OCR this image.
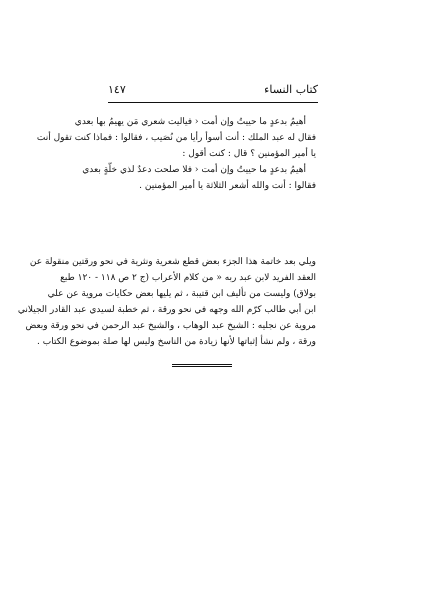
كتاب النساء
١٤٧
أهيمُ بدعدٍ ما حييتُ وإن أمت ‹ فياليت شعري مَن يهيمُ بها بعدي
فقال له عبد الملك : أنت أسوأ رأيا من نُصَيب ، فقالوا : فماذا كنت تقول أنت
يا أمير المؤمنين ؟ قال : كنت أقول :
أهيمُ بدعدٍ ما حييتُ وإن أمت ‹ فلا صلحت دعدٌ لذي خلّةٍ بعدي
فقالوا : أنت والله أشعر الثلاثة يا أمير المؤمنين .
ويلي بعد خاتمة هذا الجزء بعض قطع شعرية ونثرية في نحو ورقتين منقولة عن
العقد الفريد لابن عبد ربه « من كلام الأعراب (ج ٢ ص ١١٨ - ١٢٠ طبع
بولاق) وليست من تأليف ابن قتيبة ، ثم يليها بعض حكايات مروية عن علي
ابن أبي طالب كرّم الله وجهه في نحو ورقة ، ثم خطبة لسيدي عبد القادر الجيلاني
مروية عن نجليه : الشيخ عبد الوهاب ، والشيخ عبد الرحمن في نحو ورقة وبعض
ورقة ، ولم نشأ إثباتها لأنها زيادة من الناسخ وليس لها صلة بموضوع الكتاب .
